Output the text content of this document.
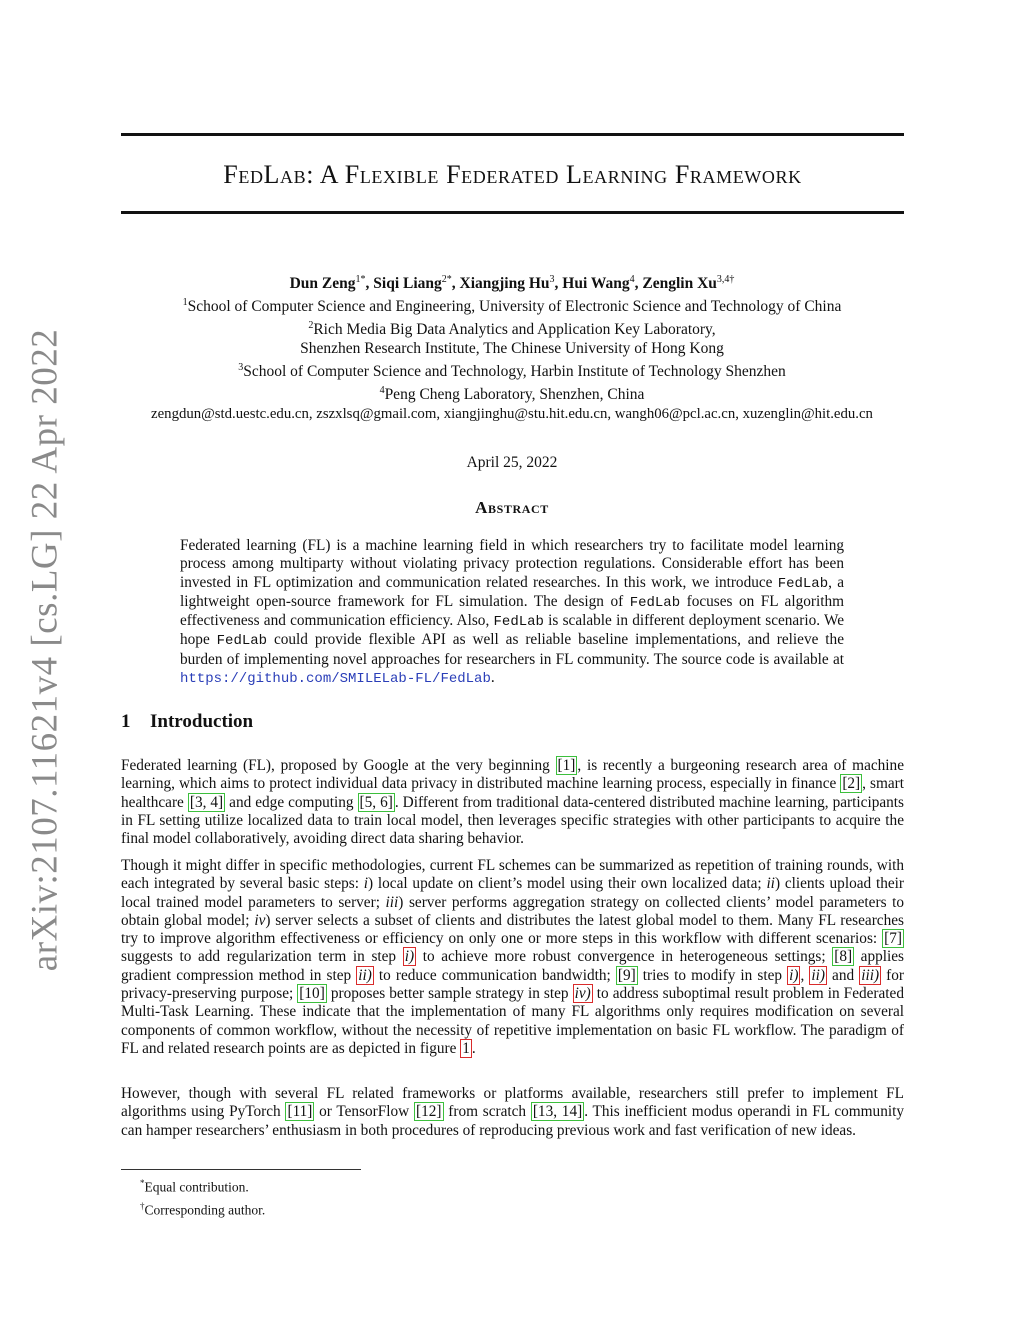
arXiv:2107.11621v4 [cs.LG] 22 Apr 2022
FedLab: A Flexible Federated Learning Framework
Dun Zeng$^{1*}$, Siqi Liang$^{2*}$, Xiangjing Hu$^3$, Hui Wang$^4$, Zenglin $Xu^{3,4\dagger}$
$^1$School of Computer Science and Engineering, University of Electronic Science and Technology of China
$^2$Rich Media Big Data Analytics and Application Key Laboratory,
Shenzhen Research Institute, The Chinese University of Hong Kong
$^3$School of Computer Science and Technology, Harbin Institute of Technology Shenzhen
$^4$Peng Cheng Laboratory, Shenzhen, China
zengdun@std.uestc.edu.cn, zszxlsq@gmail.com, xiangjinghu@stu.hit.edu.cn, wangh06@pcl.ac.cn, xuzenglin@hit.edu.cn
April 25, 2022
Abstract
Federated learning (FL) is a machine learning field in which researchers try to facilitate model learning process among multiparty without violating privacy protection regulations. Considerable effort has been invested in FL optimization and communication related researches. In this work, we introduce FedLab, a lightweight open-source framework for FL simulation. The design of FedLab focuses on FL algorithm effectiveness and communication efficiency. Also, FedLab is scalable in different deployment scenario. We hope FedLab could provide flexible API as well as reliable baseline implementations, and relieve the burden of implementing novel approaches for researchers in FL community. The source code is available at https://github.com/SMILELab-FL/FedLab.
1 Introduction
Federated learning (FL), proposed by Google at the very beginning [1] , is recently a burgeoning research area of machine learning, which aims to protect individual data privacy in distributed machine learning process, especially in finance [2] , smart healthcare [3, 4] and edge computing [5, 6] . Different from traditional data-centered distributed machine learning, participants in FL setting utilize localized data to train local model, then leverages specific strategies with other participants to acquire the final model collaboratively, avoiding direct data sharing behavior.
Though it might differ in specific methodologies, current FL schemes can be summarized as repetition of training rounds, with each integrated by several basic steps: i) local update on client’s model using their own localized data; ii) clients upload their local trained model parameters to server; iii) server performs aggregation strategy on collected clients’ model parameters to obtain global model; iv) server selects a subset of clients and distributes the latest global model to them. Many FL researches try to improve algorithm effectiveness or efficiency on only one or more steps in this workflow with different scenarios: [7] suggests to add regularization term in step i) to achieve more robust convergence in heterogeneous settings; [8] applies gradient compression method in step ii) to reduce communication bandwidth; [9] tries to modify in step i) , ii) and iii) for privacy-preserving purpose; [10] proposes better sample strategy in step iv) to address suboptimal result problem in Federated Multi-Task Learning. These indicate that the implementation of many FL algorithms only requires modification on several components of common workflow, without the necessity of repetitive implementation on basic FL workflow. The paradigm of FL and related research points are as depicted in figure 1 .
However, though with several FL related frameworks or platforms available, researchers still prefer to implement FL algorithms using PyTorch [11] or TensorFlow [12] from scratch [13, 14] . This inefficient modus operandi in FL community can hamper researchers’ enthusiasm in both procedures of reproducing previous work and fast verification of new ideas.
*Equal contribution.
†Corresponding author.
